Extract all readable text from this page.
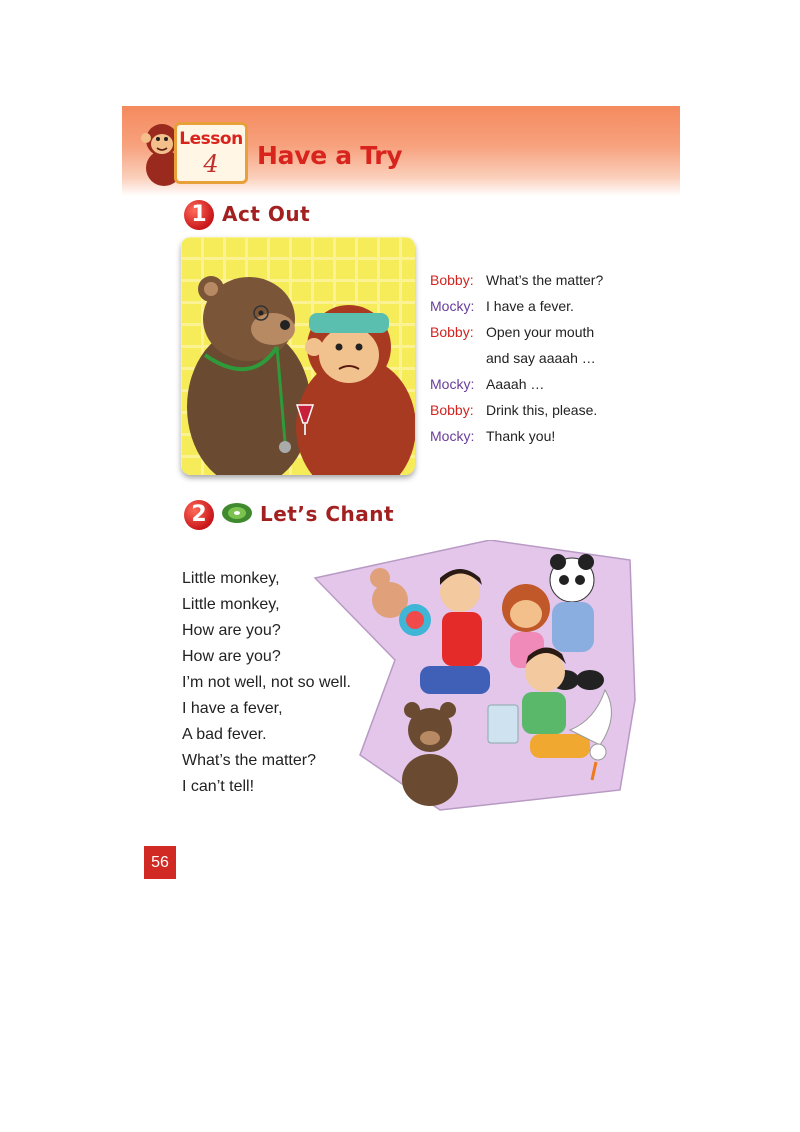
Lesson
4	Have a Try
1 Act Out
Bobby: What’s the matter?
Mocky: I have a fever.
Bobby: Open your mouth
and say aaaah …
Mocky: Aaaah …
Bobby: Drink this, please.
Mocky: Thank you!
2	Let’s Chant
Little monkey,
Little monkey,
How are you?
How are you?
I’m not well, not so well.
I have a fever,
A bad fever.
What’s the matter?
I can’t tell!
56
